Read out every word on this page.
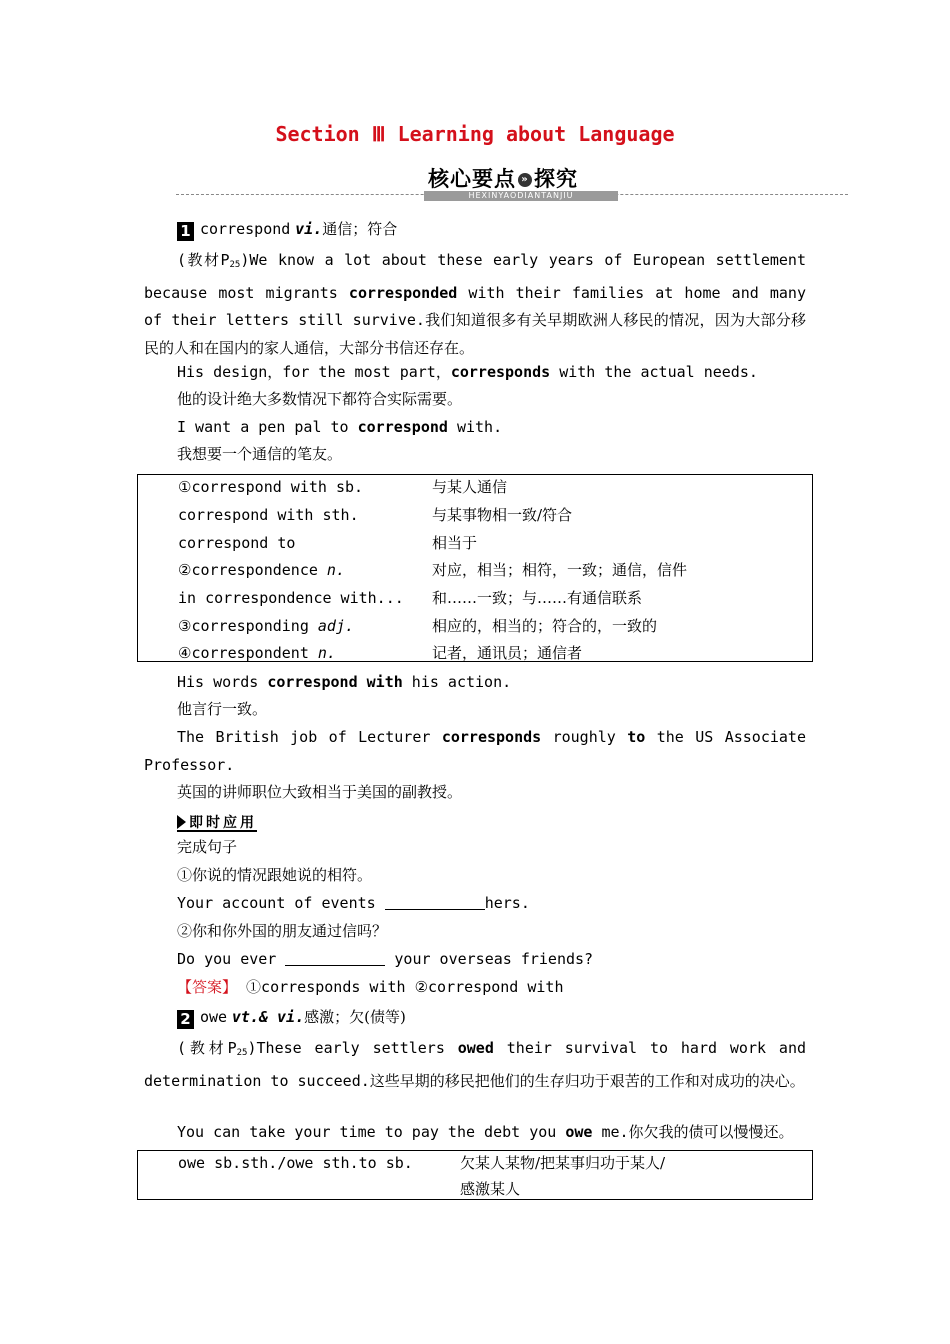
Section Ⅲ Learning about Language
核心要点 » 探究
HEXINYAODIANTANJIU
1 correspond vi.通信；符合
(教材$P_{25})We$ know a lot about these early years of European settlement because most migrants corresponded with their families at home and many of their letters still survive.我们知道很多有关早期欧洲人移民的情况，因为大部分移民的人和在国内的家人通信，大部分书信还存在。
His design，for the most part，corresponds with the actual needs.
他的设计绝大多数情况下都符合实际需要。
I want a pen pal to correspond with.
我想要一个通信的笔友。
①correspond with sb.	与某人通信
correspond with sth.	与某事物相一致/符合
correspond to	相当于
②correspondence n.	对应，相当；相符，一致；通信，信件
in correspondence with... 和……一致；与……有通信联系
③corresponding adj.	相应的，相当的；符合的，一致的
④correspondent n.	记者，通讯员；通信者
His words correspond with his action.
他言行一致。
The British job of Lecturer corresponds roughly to the US Associate Professor.
英国的讲师职位大致相当于美国的副教授。
即时应用
完成句子
①你说的情况跟她说的相符。
Your account of events	hers.
②你和你外国的朋友通过信吗？
Do you ever	your overseas friends?
【答案】 ①corresponds with ②correspond with
2 owe vt.& vi.感激；欠(债等)
(教材$P_{25})These$ early settlers owed their survival to hard work and determination to succeed.这些早期的移民把他们的生存归功于艰苦的工作和对成功的决心。
You can take your time to pay the debt you owe me.你欠我的债可以慢慢还。
owe sb.sth./owe sth.to sb.	欠某人某物/把某事归功于某人/
感激某人
